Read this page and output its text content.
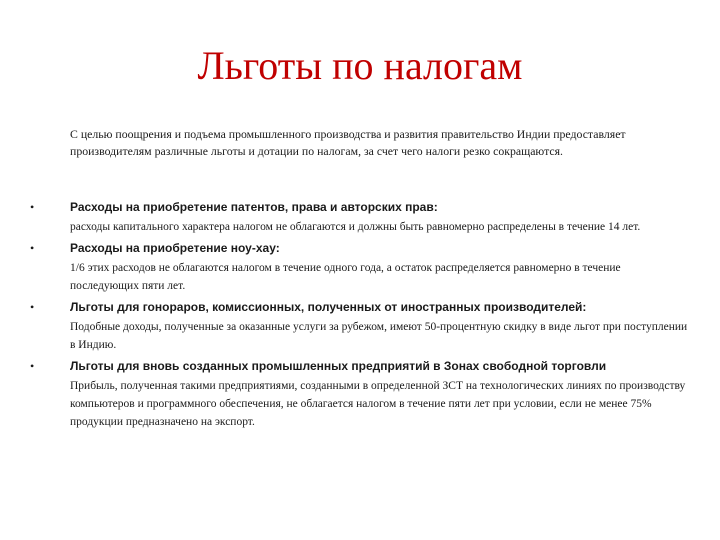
Льготы по налогам
С целью поощрения и подъема промышленного производства и развития правительство Индии предоставляет производителям различные льготы и дотации по налогам, за счет чего налоги резко сокращаются.
•	Расходы на приобретение патентов, права и авторских прав:
расходы капитального характера налогом не облагаются и должны быть равномерно распределены в течение 14 лет.
•	Расходы на приобретение ноу-хау:
1/6 этих расходов не облагаются налогом в течение одного года, а остаток распределяется равномерно в течение последующих пяти лет.
•	Льготы для гонораров, комиссионных, полученных от иностранных производителей:
Подобные доходы, полученные за оказанные услуги за рубежом, имеют 50-процентную скидку в виде льгот при поступлении в Индию.
•	Льготы для вновь созданных промышленных предприятий в Зонах свободной торговли
Прибыль, полученная такими предприятиями, созданными в определенной ЗСТ на технологических линиях по производству компьютеров и программного обеспечения, не облагается налогом в течение пяти лет при условии, если не менее 75% продукции предназначено на экспорт.
